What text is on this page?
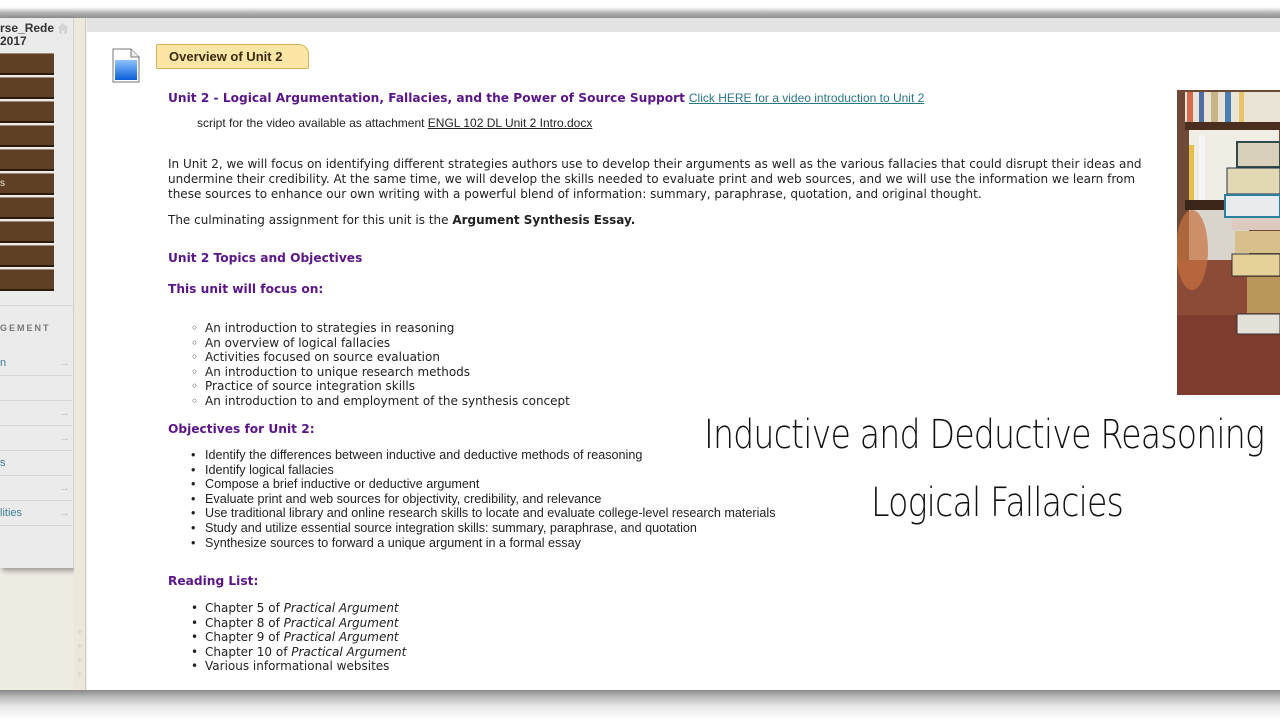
rse_Rede
2017
s
GEMENT
n	→
→
→
s
→
lities	→
✦
✦
✦
✦
Overview of Unit 2
Unit 2 - Logical Argumentation, Fallacies, and the Power of Source Support Click HERE for a video introduction to Unit 2
script for the video available as attachment ENGL 102 DL Unit 2 Intro.docx
In Unit 2, we will focus on identifying different strategies authors use to develop their arguments as well as the various fallacies that could disrupt their ideas and undermine their credibility. At the same time, we will develop the skills needed to evaluate print and web sources, and we will use the information we learn from these sources to enhance our own writing with a powerful blend of information: summary, paraphrase, quotation, and original thought.
The culminating assignment for this unit is the Argument Synthesis Essay.
Unit 2 Topics and Objectives
This unit will focus on:
◦ An introduction to strategies in reasoning
◦ An overview of logical fallacies
◦ Activities focused on source evaluation
◦ An introduction to unique research methods
◦ Practice of source integration skills
◦ An introduction to and employment of the synthesis concept
Objectives for Unit 2:
• Identify the differences between inductive and deductive methods of reasoning
• Identify logical fallacies
• Compose a brief inductive or deductive argument
• Evaluate print and web sources for objectivity, credibility, and relevance
• Use traditional library and online research skills to locate and evaluate college-level research materials
• Study and utilize essential source integration skills: summary, paraphrase, and quotation
• Synthesize sources to forward a unique argument in a formal essay
Reading List:
• Chapter 5 of Practical Argument
• Chapter 8 of Practical Argument
• Chapter 9 of Practical Argument
• Chapter 10 of Practical Argument
• Various informational websites
Inductive and Deductive Reasoning
Logical Fallacies
